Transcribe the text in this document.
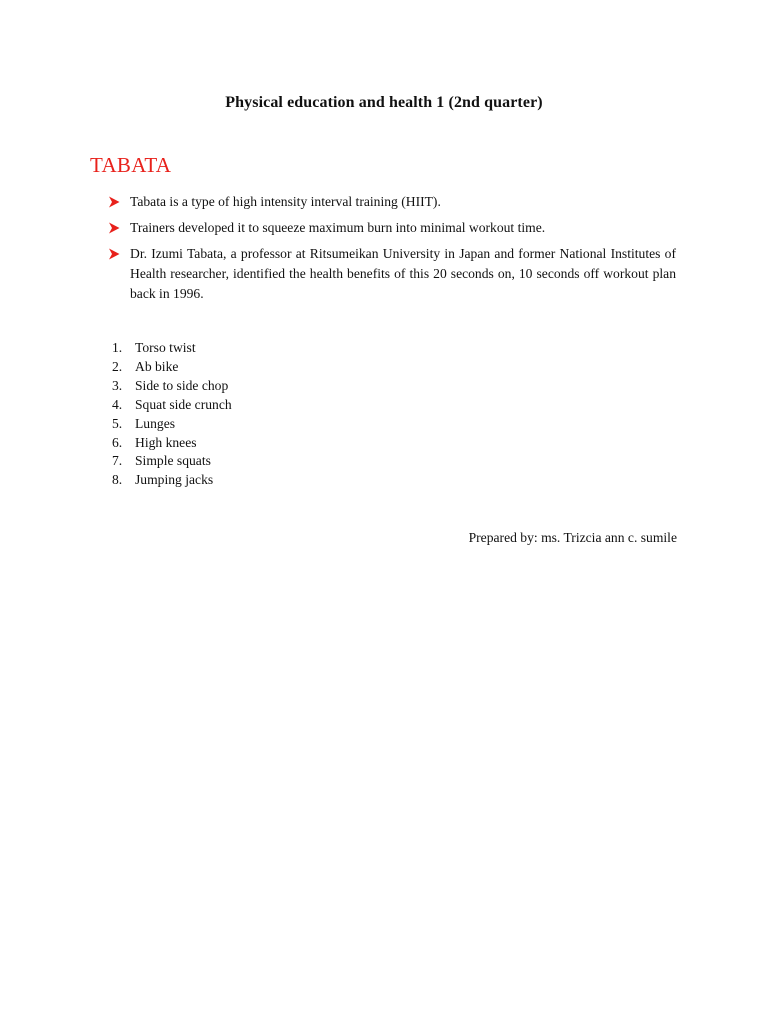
Physical education and health 1 (2nd quarter)
TABATA
Tabata is a type of high intensity interval training (HIIT).
Trainers developed it to squeeze maximum burn into minimal workout time.
Dr. Izumi Tabata, a professor at Ritsumeikan University in Japan and former National Institutes of Health researcher, identified the health benefits of this 20 seconds on, 10 seconds off workout plan back in 1996.
1. Torso twist
2. Ab bike
3. Side to side chop
4. Squat side crunch
5. Lunges
6. High knees
7. Simple squats
8. Jumping jacks
Prepared by: ms. Trizcia ann c. sumile
